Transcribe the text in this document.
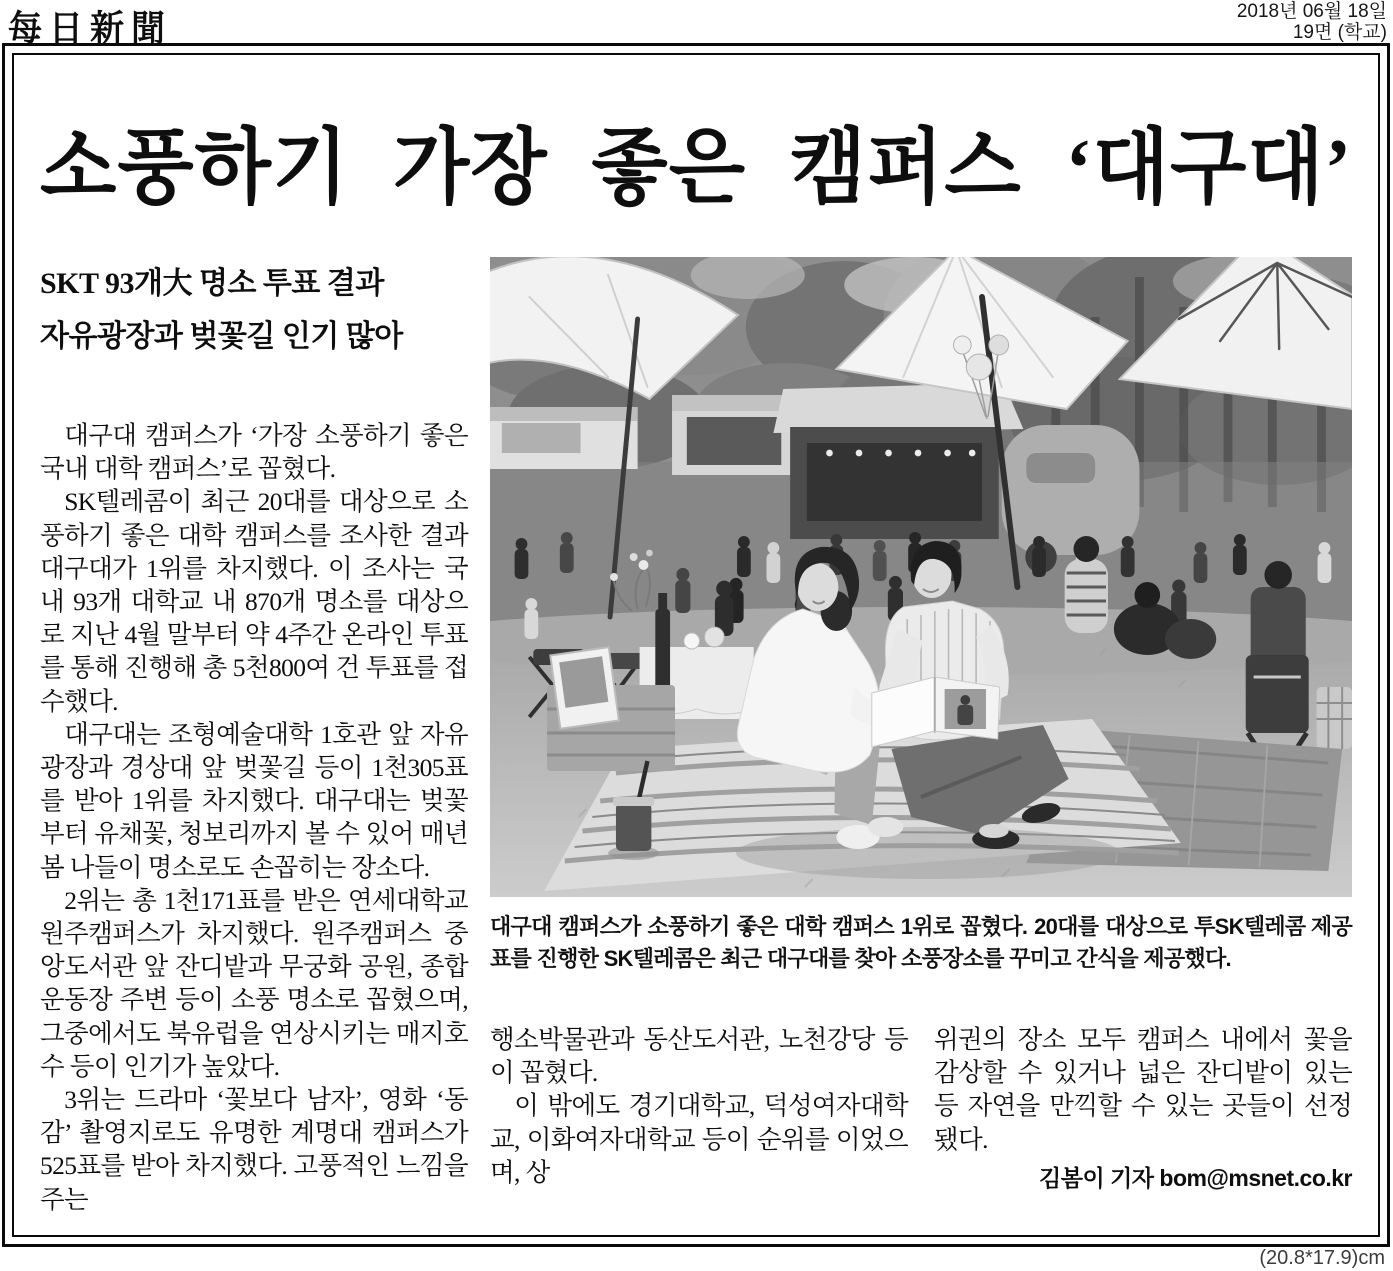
每日新聞	2018년 06월 18일
19면 (학교)
소풍하기 가장 좋은 캠퍼스 ‘대구대’
SKT 93개大 명소 투표 결과
자유광장과 벚꽃길 인기 많아

대구대 캠퍼스가 ‘가장 소풍하기 좋은 국내 대학 캠퍼스’로 꼽혔다.

SK텔레콤이 최근 20대를 대상으로 소풍하기 좋은 대학 캠퍼스를 조사한 결과 대구대가 1위를 차지했다. 이 조사는 국내 93개 대학교 내 870개 명소를 대상으로 지난 4월 말부터 약 4주간 온라인 투표를 통해 진행해 총 5천800여 건 투표를 접수했다.

대구대는 조형예술대학 1호관 앞 자유광장과 경상대 앞 벚꽃길 등이 1천305표를 받아 1위를 차지했다. 대구대는 벚꽃부터 유채꽃, 청보리까지 볼 수 있어 매년 봄 나들이 명소로도 손꼽히는 장소다.

2위는 총 1천171표를 받은 연세대학교 원주캠퍼스가 차지했다. 원주캠퍼스 중앙도서관 앞 잔디밭과 무궁화 공원, 종합운동장 주변 등이 소풍 명소로 꼽혔으며, 그중에서도 북유럽을 연상시키는 매지호수 등이 인기가 높았다.

3위는 드라마 ‘꽃보다 남자’, 영화 ‘동감’ 촬영지로도 유명한 계명대 캠퍼스가 525표를 받아 차지했다. 고풍적인 느낌을 주는

SK텔레콤 제공
대구대 캠퍼스가 소풍하기 좋은 대학 캠퍼스 1위로 꼽혔다. 20대를 대상으로 투표를 진행한 SK텔레콤은 최근 대구대를 찾아 소풍장소를 꾸미고 간식을 제공했다.

행소박물관과 동산도서관, 노천강당 등이 꼽혔다.

이 밖에도 경기대학교, 덕성여자대학교, 이화여자대학교 등이 순위를 이었으며, 상

위권의 장소 모두 캠퍼스 내에서 꽃을 감상할 수 있거나 넓은 잔디밭이 있는 등 자연을 만끽할 수 있는 곳들이 선정됐다.

김봄이 기자 bom@msnet.co.kr
(20.8*17.9)cm
